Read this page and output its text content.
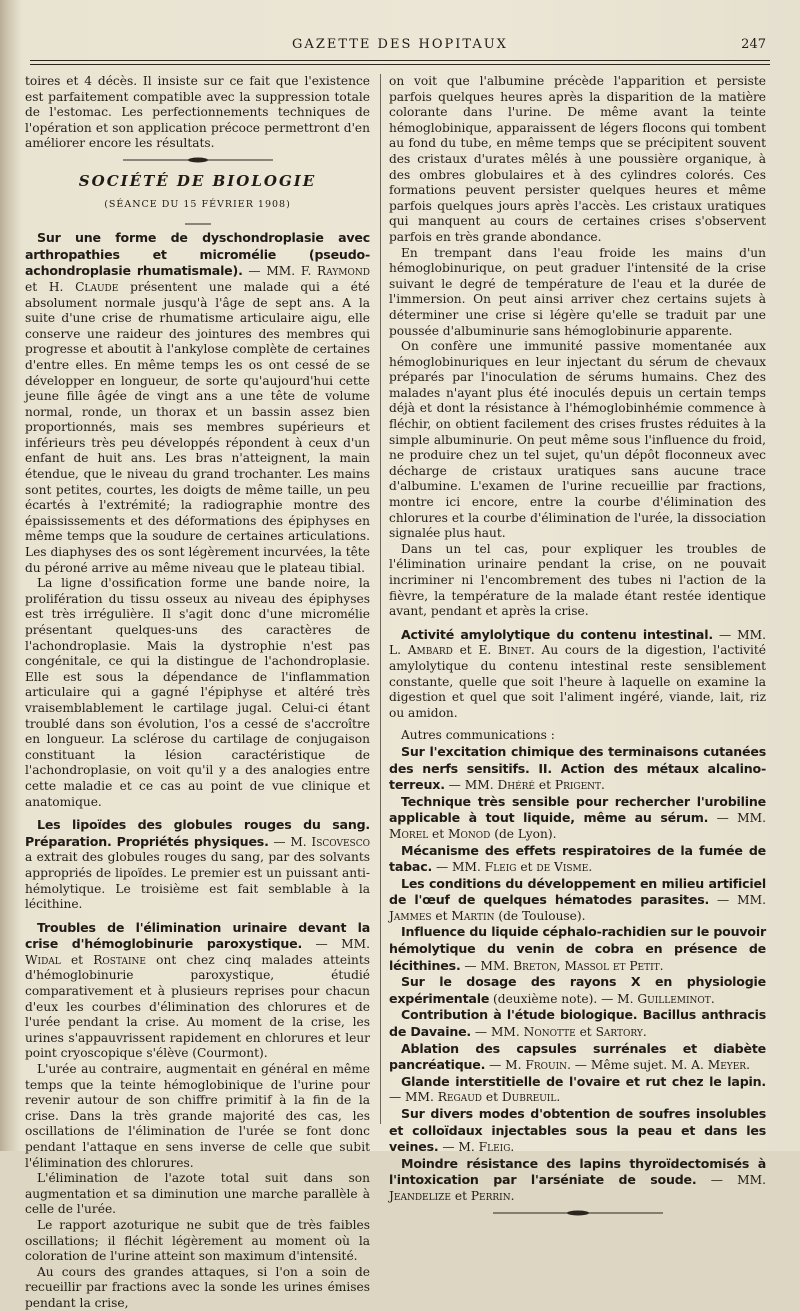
GAZETTE DES HOPITAUX	247

toires et 4 décès. Il insiste sur ce fait que l'existence est parfaitement compatible avec la suppression totale de l'estomac. Les perfectionnements techniques de l'opération et son application précoce permettront d'en améliorer encore les résultats.

SOCIÉTÉ DE BIOLOGIE
(SÉANCE DU 15 FÉVRIER 1908)

Sur une forme de dyschondroplasie avec arthropathies et micromélie (pseudo-achondroplasie rhumatismale). — MM. F. Raymond et H. Claude présentent une malade qui a été absolument normale jusqu'à l'âge de sept ans. A la suite d'une crise de rhumatisme articulaire aigu, elle conserve une raideur des jointures des membres qui progresse et aboutit à l'ankylose complète de certaines d'entre elles. En même temps les os ont cessé de se développer en longueur, de sorte qu'aujourd'hui cette jeune fille âgée de vingt ans a une tête de volume normal, ronde, un thorax et un bassin assez bien proportionnés, mais ses membres supérieurs et inférieurs très peu développés répondent à ceux d'un enfant de huit ans. Les bras n'atteignent, la main étendue, que le niveau du grand trochanter. Les mains sont petites, courtes, les doigts de même taille, un peu écartés à l'extrémité; la radiographie montre des épaississements et des déformations des épiphyses en même temps que la soudure de certaines articulations. Les diaphyses des os sont légèrement incurvées, la tête du péroné arrive au même niveau que le plateau tibial.

La ligne d'ossification forme une bande noire, la prolifération du tissu osseux au niveau des épiphyses est très irrégulière. Il s'agit donc d'une micromélie présentant quelques-uns des caractères de l'achondroplasie. Mais la dystrophie n'est pas congénitale, ce qui la distingue de l'achondroplasie. Elle est sous la dépendance de l'inflammation articulaire qui a gagné l'épiphyse et altéré très vraisemblablement le cartilage jugal. Celui-ci étant troublé dans son évolution, l'os a cessé de s'accroître en longueur. La sclérose du cartilage de conjugaison constituant la lésion caractéristique de l'achondroplasie, on voit qu'il y a des analogies entre cette maladie et ce cas au point de vue clinique et anatomique.

Les lipoïdes des globules rouges du sang. Préparation. Propriétés physiques. — M. Iscovesco a extrait des globules rouges du sang, par des solvants appropriés de lipoïdes. Le premier est un puissant anti-hémolytique. Le troisième est fait semblable à la lécithine.

Troubles de l'élimination urinaire devant la crise d'hémoglobinurie paroxystique. — MM. Widal et Rostaine ont chez cinq malades atteints d'hémoglobinurie paroxystique, étudié comparativement et à plusieurs reprises pour chacun d'eux les courbes d'élimination des chlorures et de l'urée pendant la crise. Au moment de la crise, les urines s'appauvrissent rapidement en chlorures et leur point cryoscopique s'élève (Courmont).

L'urée au contraire, augmentait en général en même temps que la teinte hémoglobinique de l'urine pour revenir autour de son chiffre primitif à la fin de la crise. Dans la très grande majorité des cas, les oscillations de l'élimination de l'urée se font donc pendant l'attaque en sens inverse de celle que subit l'élimination des chlorures.

L'élimination de l'azote total suit dans son augmentation et sa diminution une marche parallèle à celle de l'urée.

Le rapport azoturique ne subit que de très faibles oscillations; il fléchit légèrement au moment où la coloration de l'urine atteint son maximum d'intensité.

Au cours des grandes attaques, si l'on a soin de recueillir par fractions avec la sonde les urines émises pendant la crise,

on voit que l'albumine précède l'apparition et persiste parfois quelques heures après la disparition de la matière colorante dans l'urine. De même avant la teinte hémoglobinique, apparaissent de légers flocons qui tombent au fond du tube, en même temps que se précipitent souvent des cristaux d'urates mêlés à une poussière organique, à des ombres globulaires et à des cylindres colorés. Ces formations peuvent persister quelques heures et même parfois quelques jours après l'accès. Les cristaux uratiques qui manquent au cours de certaines crises s'observent parfois en très grande abondance.

En trempant dans l'eau froide les mains d'un hémoglobinurique, on peut graduer l'intensité de la crise suivant le degré de température de l'eau et la durée de l'immersion. On peut ainsi arriver chez certains sujets à déterminer une crise si légère qu'elle se traduit par une poussée d'albuminurie sans hémoglobinurie apparente.

On confère une immunité passive momentanée aux hémoglobinuriques en leur injectant du sérum de chevaux préparés par l'inoculation de sérums humains. Chez des malades n'ayant plus été inoculés depuis un certain temps déjà et dont la résistance à l'hémoglobinhémie commence à fléchir, on obtient facilement des crises frustes réduites à la simple albuminurie. On peut même sous l'influence du froid, ne produire chez un tel sujet, qu'un dépôt floconneux avec décharge de cristaux uratiques sans aucune trace d'albumine. L'examen de l'urine recueillie par fractions, montre ici encore, entre la courbe d'élimination des chlorures et la courbe d'élimination de l'urée, la dissociation signalée plus haut.

Dans un tel cas, pour expliquer les troubles de l'élimination urinaire pendant la crise, on ne pouvait incriminer ni l'encombrement des tubes ni l'action de la fièvre, la température de la malade étant restée identique avant, pendant et après la crise.

Activité amylolytique du contenu intestinal. — MM. L. Ambard et E. Binet. Au cours de la digestion, l'activité amylolytique du contenu intestinal reste sensiblement constante, quelle que soit l'heure à laquelle on examine la digestion et quel que soit l'aliment ingéré, viande, lait, riz ou amidon.

Autres communications :

Sur l'excitation chimique des terminaisons cutanées des nerfs sensitifs. II. Action des métaux alcalino-terreux. — MM. Dhéré et Prigent.

Technique très sensible pour rechercher l'urobiline applicable à tout liquide, même au sérum. — MM. Morel et Monod (de Lyon).

Mécanisme des effets respiratoires de la fumée de tabac. — MM. Fleig et de Visme.

Les conditions du développement en milieu artificiel de l'œuf de quelques hématodes parasites. — MM. Jammes et Martin (de Toulouse).

Influence du liquide céphalo-rachidien sur le pouvoir hémolytique du venin de cobra en présence de lécithines. — MM. Breton, Massol et Petit.

Sur le dosage des rayons X en physiologie expérimentale (deuxième note). — M. Guilleminot.

Contribution à l'étude biologique. Bacillus anthracis de Davaine. — MM. Nonotte et Sartory.

Ablation des capsules surrénales et diabète pancréatique. — M. Frouin. — Même sujet. M. A. Meyer.

Glande interstitielle de l'ovaire et rut chez le lapin. — MM. Regaud et Dubreuil.

Sur divers modes d'obtention de soufres insolubles et colloïdaux injectables sous la peau et dans les veines. — M. Fleig.

Moindre résistance des lapins thyroïdectomisés à l'intoxication par l'arséniate de soude. — MM. Jeandelize et Perrin.
